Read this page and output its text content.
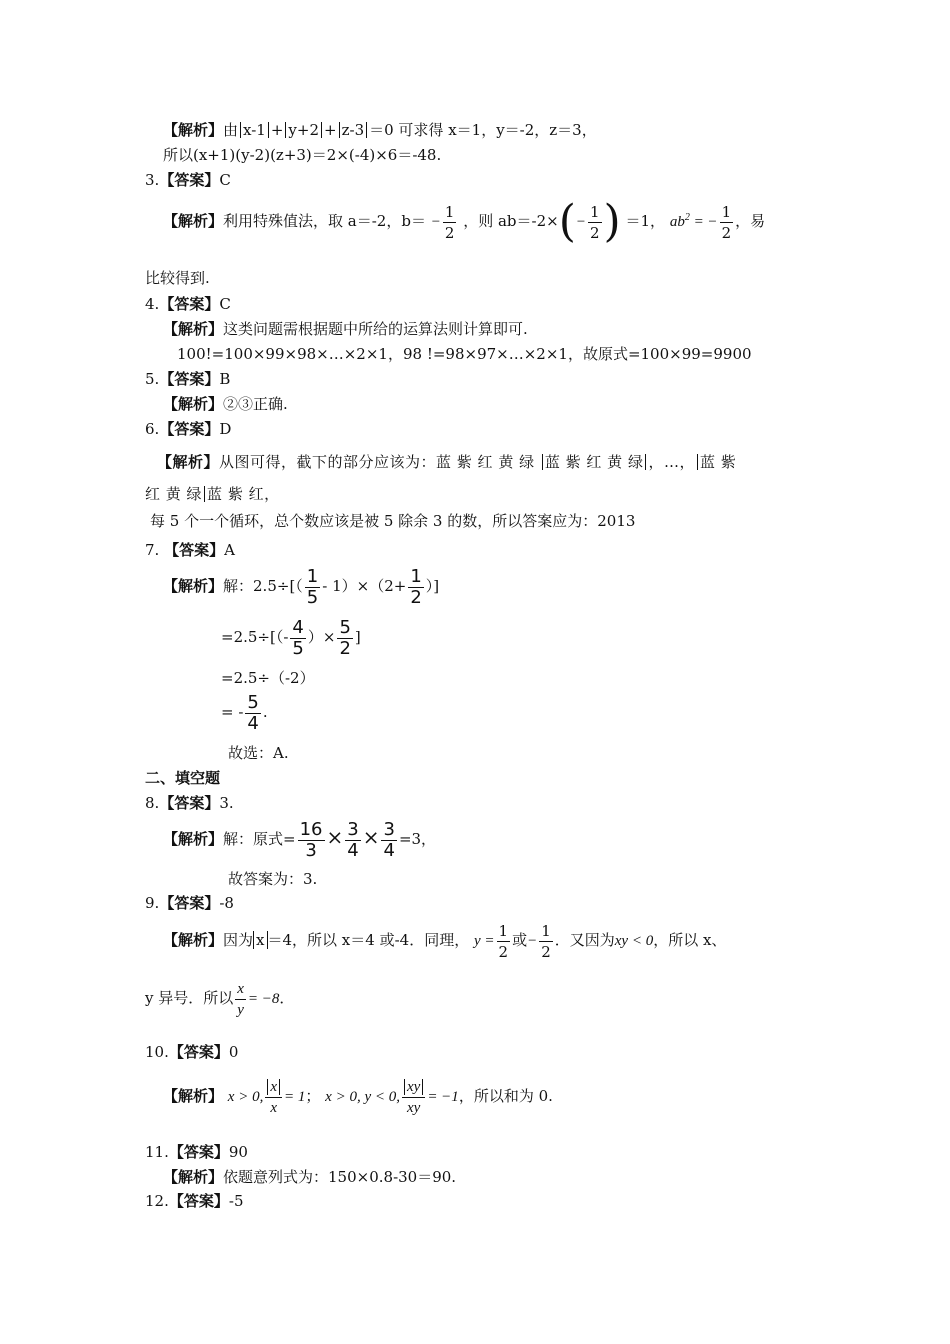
【解析】由 x-1 + y+2 + z-3 ＝0 可求得 x＝1，y＝-2，z＝3，
所以(x+1)(y-2)(z+3)＝2×(-4)×6＝-48.
3.【答案】C
【解析】利用特殊值法，取 a＝-2，$b= - \frac{1}{2}$ ，则 $ab=-2\times(- \frac{1}{2}$ ) ＝1， $ab^2$ = − $\frac{1}{2}$ ，易
比较得到.
4.【答案】C
【解析】这类问题需根据题中所给的运算法则计算即可.
100!=100×99×98×…×2×1，98 !=98×97×…×2×1，故原式=100×99=9900
5.【答案】B
【解析】②③正确.
6.【答案】D
【解析】从图可得，截下的部分应该为：蓝 紫 红 黄 绿 蓝 紫 红 黄 绿 ，…， 蓝 紫
红 黄 绿 蓝 紫 红，
每 5 个一个循环，总个数应该是被 5 除余 3 的数，所以答案应为：2013
7. 【答案】A
【解析】解：$2.5\div[( \frac{1}{5} - 1)\times(2+ \frac{1}{2}$ ）]
$=2.5\div[(- \frac{4}{5}$ ）× $\frac{5}{2}$ ]
=2.5÷（-2）
= - $\frac{5}{4}$ .
故选：A.
二、填空题
8.【答案】3.
【解析】解：原式= $\frac{16}{3} \times \frac{3}{4} \times \frac{3}{4} =3$，
故答案为：3.
9.【答案】-8
【解析】因为 x ＝4，所以 x＝4 或-4．同理， $y = \frac{1}{2}$ 或− $\frac{1}{2}$ ．又因为xy < 0，所以 x、
y 异号．所以 $\frac{x}{y} = -8$．
10.【答案】0
【解析】 x > 0, $\frac{x}{x} = 1$； x > 0, y < 0, $\frac{xy}{xy} = -1$，所以和为 0.
11.【答案】90
【解析】依题意列式为：150×0.8-30＝90.
12.【答案】-5
